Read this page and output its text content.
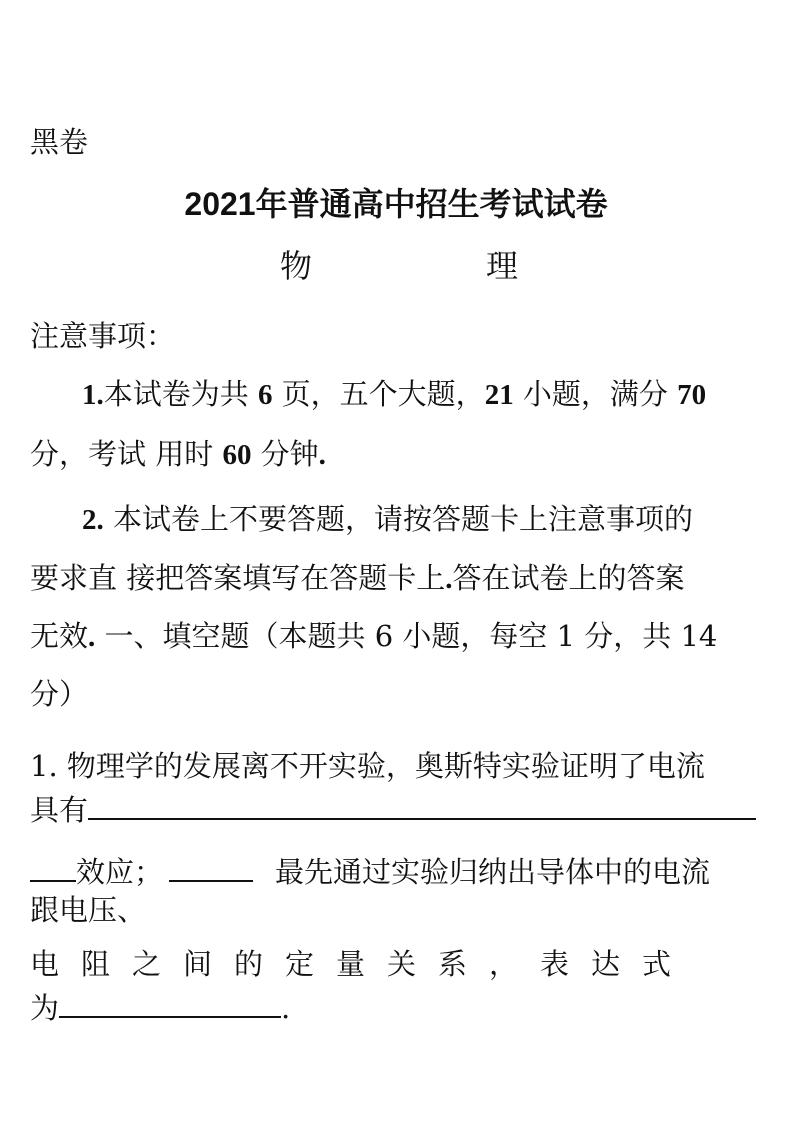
黑卷
2021年普通高中招生考试试卷
物	理
注意事项：
1.本试卷为共 6 页，五个大题，21 小题，满分 70
分，考试 用时 60 分钟.
2. 本试卷上不要答题，请按答题卡上注意事项的
要求直 接把答案填写在答题卡上.答在试卷上的答案
无效. 一、填空题（本题共 6 小题，每空 1 分，共 14
分）
1. 物理学的发展离不开实验，奥斯特实验证明了电流
具有
效应；	最先通过实验归纳出导体中的电流
跟电压、
电阻之间的定量关系，表达式
为	.
